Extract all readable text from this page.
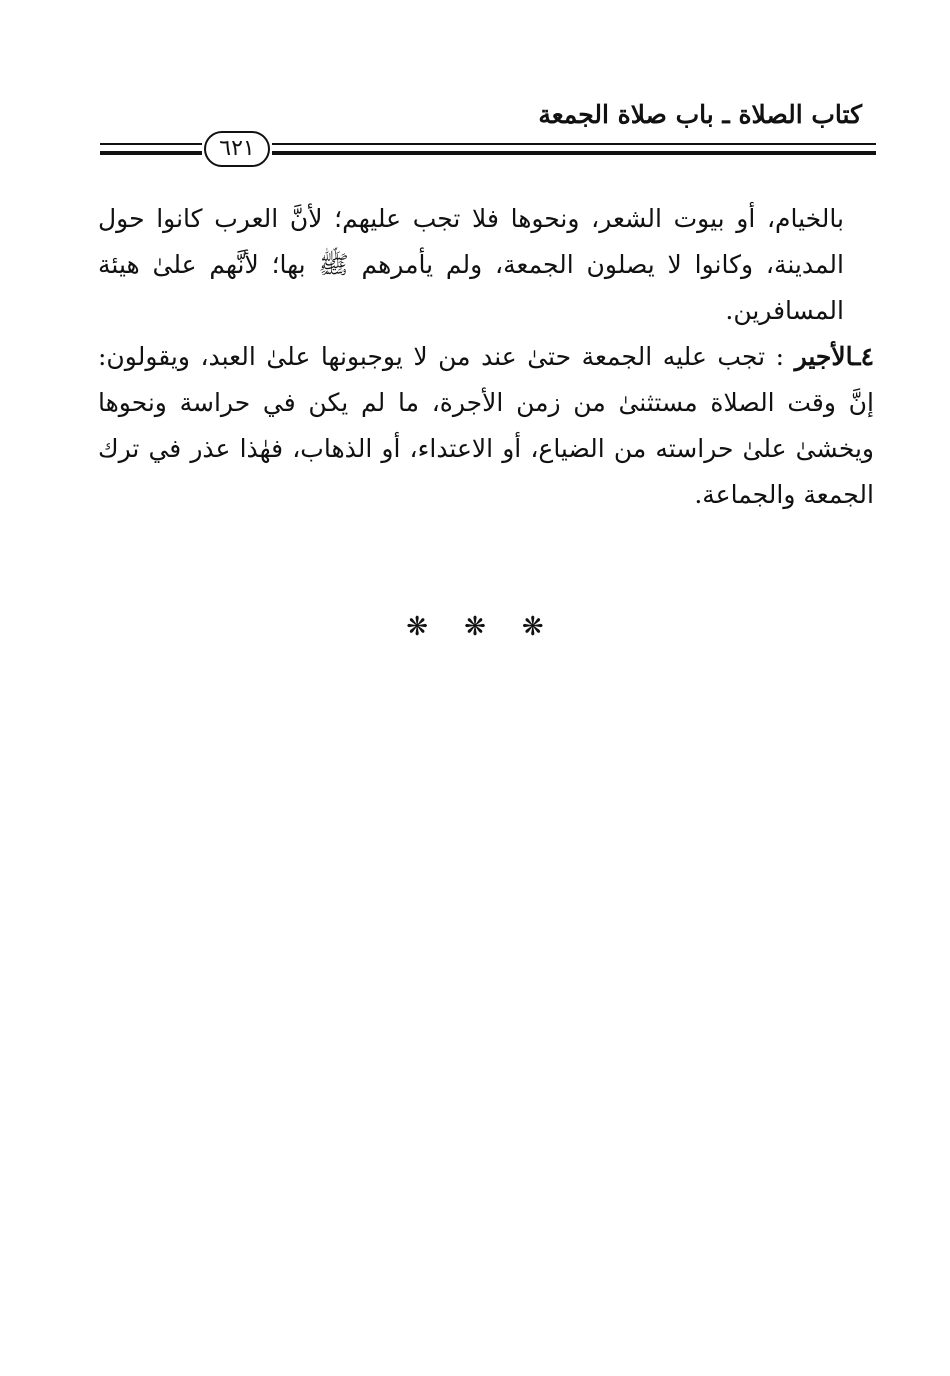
كتاب الصلاة ـ باب صلاة الجمعة
٦٢١

بالخيام، أو بيوت الشعر، ونحوها فلا تجب عليهم؛ لأنَّ العرب كانوا حول المدينة، وكانوا لا يصلون الجمعة، ولم يأمرهم ﷺ بها؛ لأنَّهم علىٰ هيئة المسافرين.

٤ـالأجير : تجب عليه الجمعة حتىٰ عند من لا يوجبونها علىٰ العبد، ويقولون: إنَّ وقت الصلاة مستثنىٰ من زمن الأجرة، ما لم يكن في حراسة ونحوها ويخشىٰ علىٰ حراسته من الضياع، أو الاعتداء، أو الذهاب، فهٰذا عذر في ترك الجمعة والجماعة.

❋ ❋ ❋
